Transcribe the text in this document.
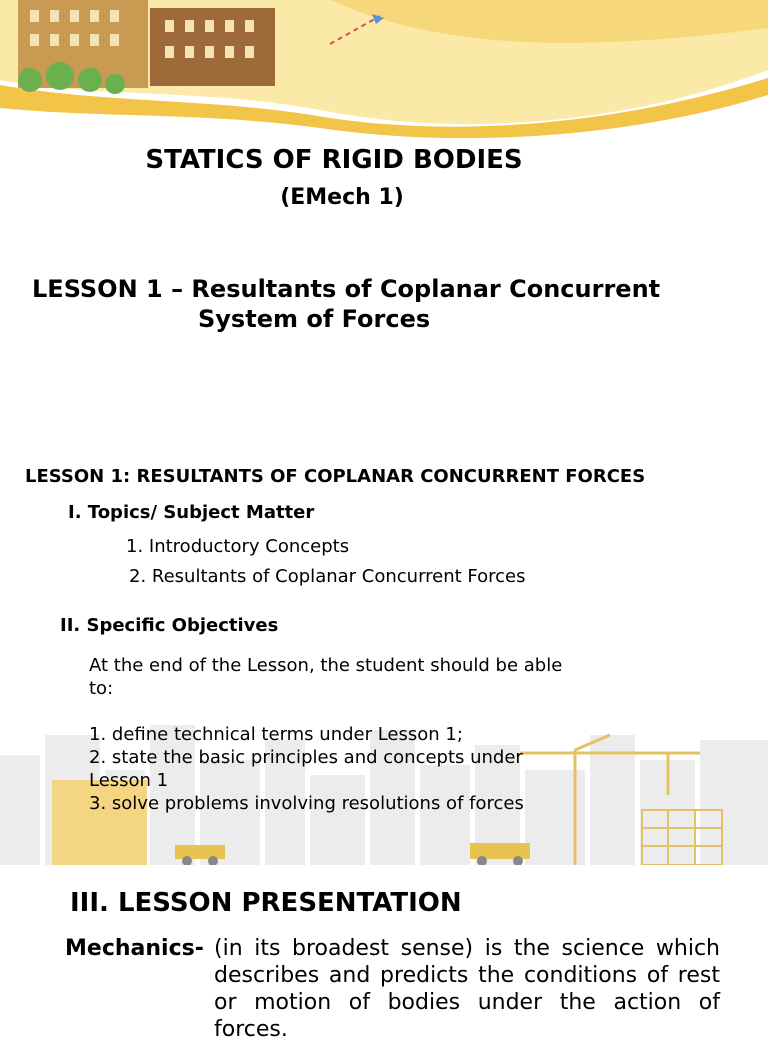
STATICS OF RIGID BODIES
(EMech 1)
LESSON 1 – Resultants of Coplanar Concurrent
System of Forces
LESSON 1: RESULTANTS OF COPLANAR CONCURRENT FORCES
I. Topics/ Subject Matter
1. Introductory Concepts
2. Resultants of Coplanar Concurrent Forces
II. Specific Objectives
At the end of the Lesson, the student should be able
to:
1. define technical terms under Lesson 1;
2. state the basic principles and concepts under
Lesson 1
3. solve problems involving resolutions of forces
III. LESSON PRESENTATION
Mechanics- (in its broadest sense) is the science which
describes and predicts the conditions of rest
or motion of bodies under the action of
forces.
